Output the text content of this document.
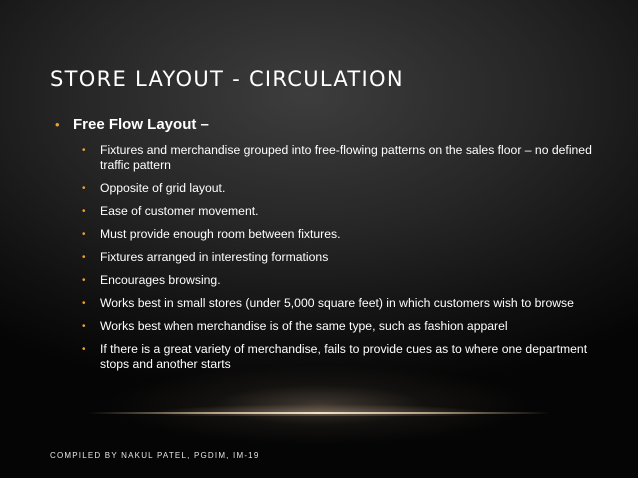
STORE LAYOUT - CIRCULATION
• Free Flow Layout –
•	Fixtures and merchandise grouped into free-flowing patterns on the sales floor – no defined traffic pattern
•	Opposite of grid layout.
•	Ease of customer movement.
•	Must provide enough room between fixtures.
•	Fixtures arranged in interesting formations
•	Encourages browsing.
•	Works best in small stores (under 5,000 square feet) in which customers wish to browse
•	Works best when merchandise is of the same type, such as fashion apparel
•	If there is a great variety of merchandise, fails to provide cues as to where one department stops and another starts
COMPILED BY NAKUL PATEL, PGDIM, IM-19
